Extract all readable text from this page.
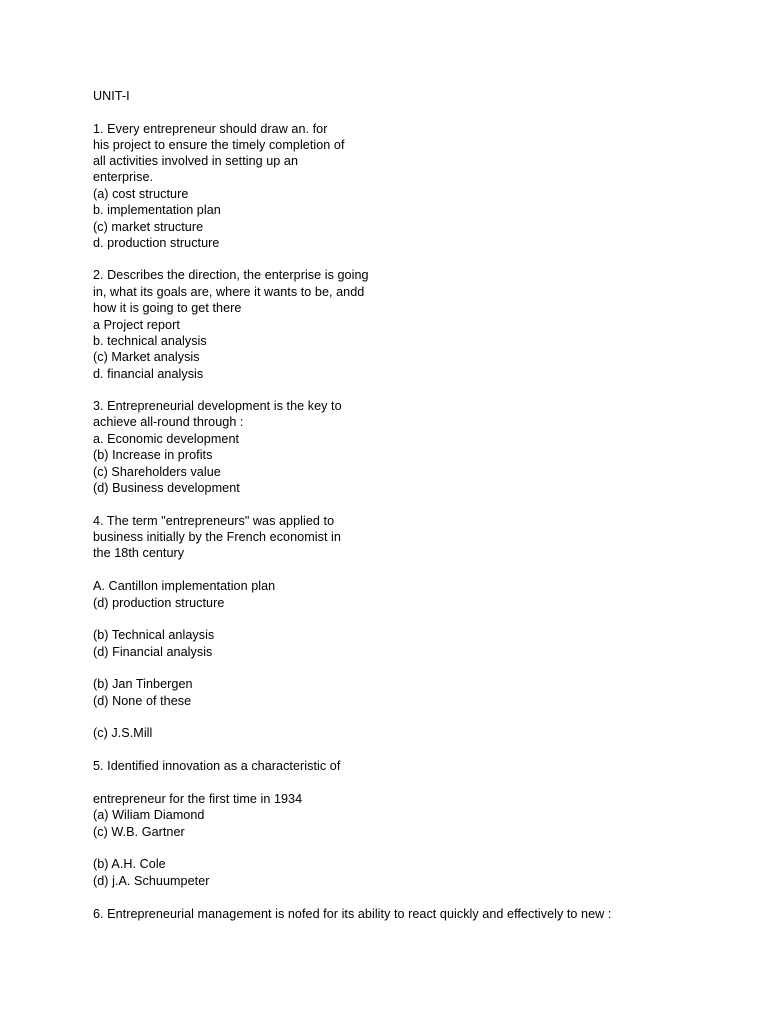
UNIT-I
1. Every entrepreneur should draw an. for
his project to ensure the timely completion of
all activities involved in setting up an
enterprise.
(a) cost structure
b. implementation plan
(c) market structure
d. production structure
2. Describes the direction, the enterprise is going
in, what its goals are, where it wants to be, andd
how it is going to get there
a Project report
b. technical analysis
(c) Market analysis
d. financial analysis
3. Entrepreneurial development is the key to
achieve all-round through :
a. Economic development
(b) Increase in profits
(c) Shareholders value
(d) Business development
4. The term "entrepreneurs" was applied to
business initially by the French economist in
the 18th century
A. Cantillon implementation plan
(d) production structure
(b) Technical anlaysis
(d) Financial analysis
(b) Jan Tinbergen
(d) None of these
(c) J.S.Mill
5. Identified innovation as a characteristic of
entrepreneur for the first time in 1934
(a) Wiliam Diamond
(c) W.B. Gartner
(b) A.H. Cole
(d) j.A. Schuumpeter
6. Entrepreneurial management is nofed for its ability to react quickly and effectively to new :
